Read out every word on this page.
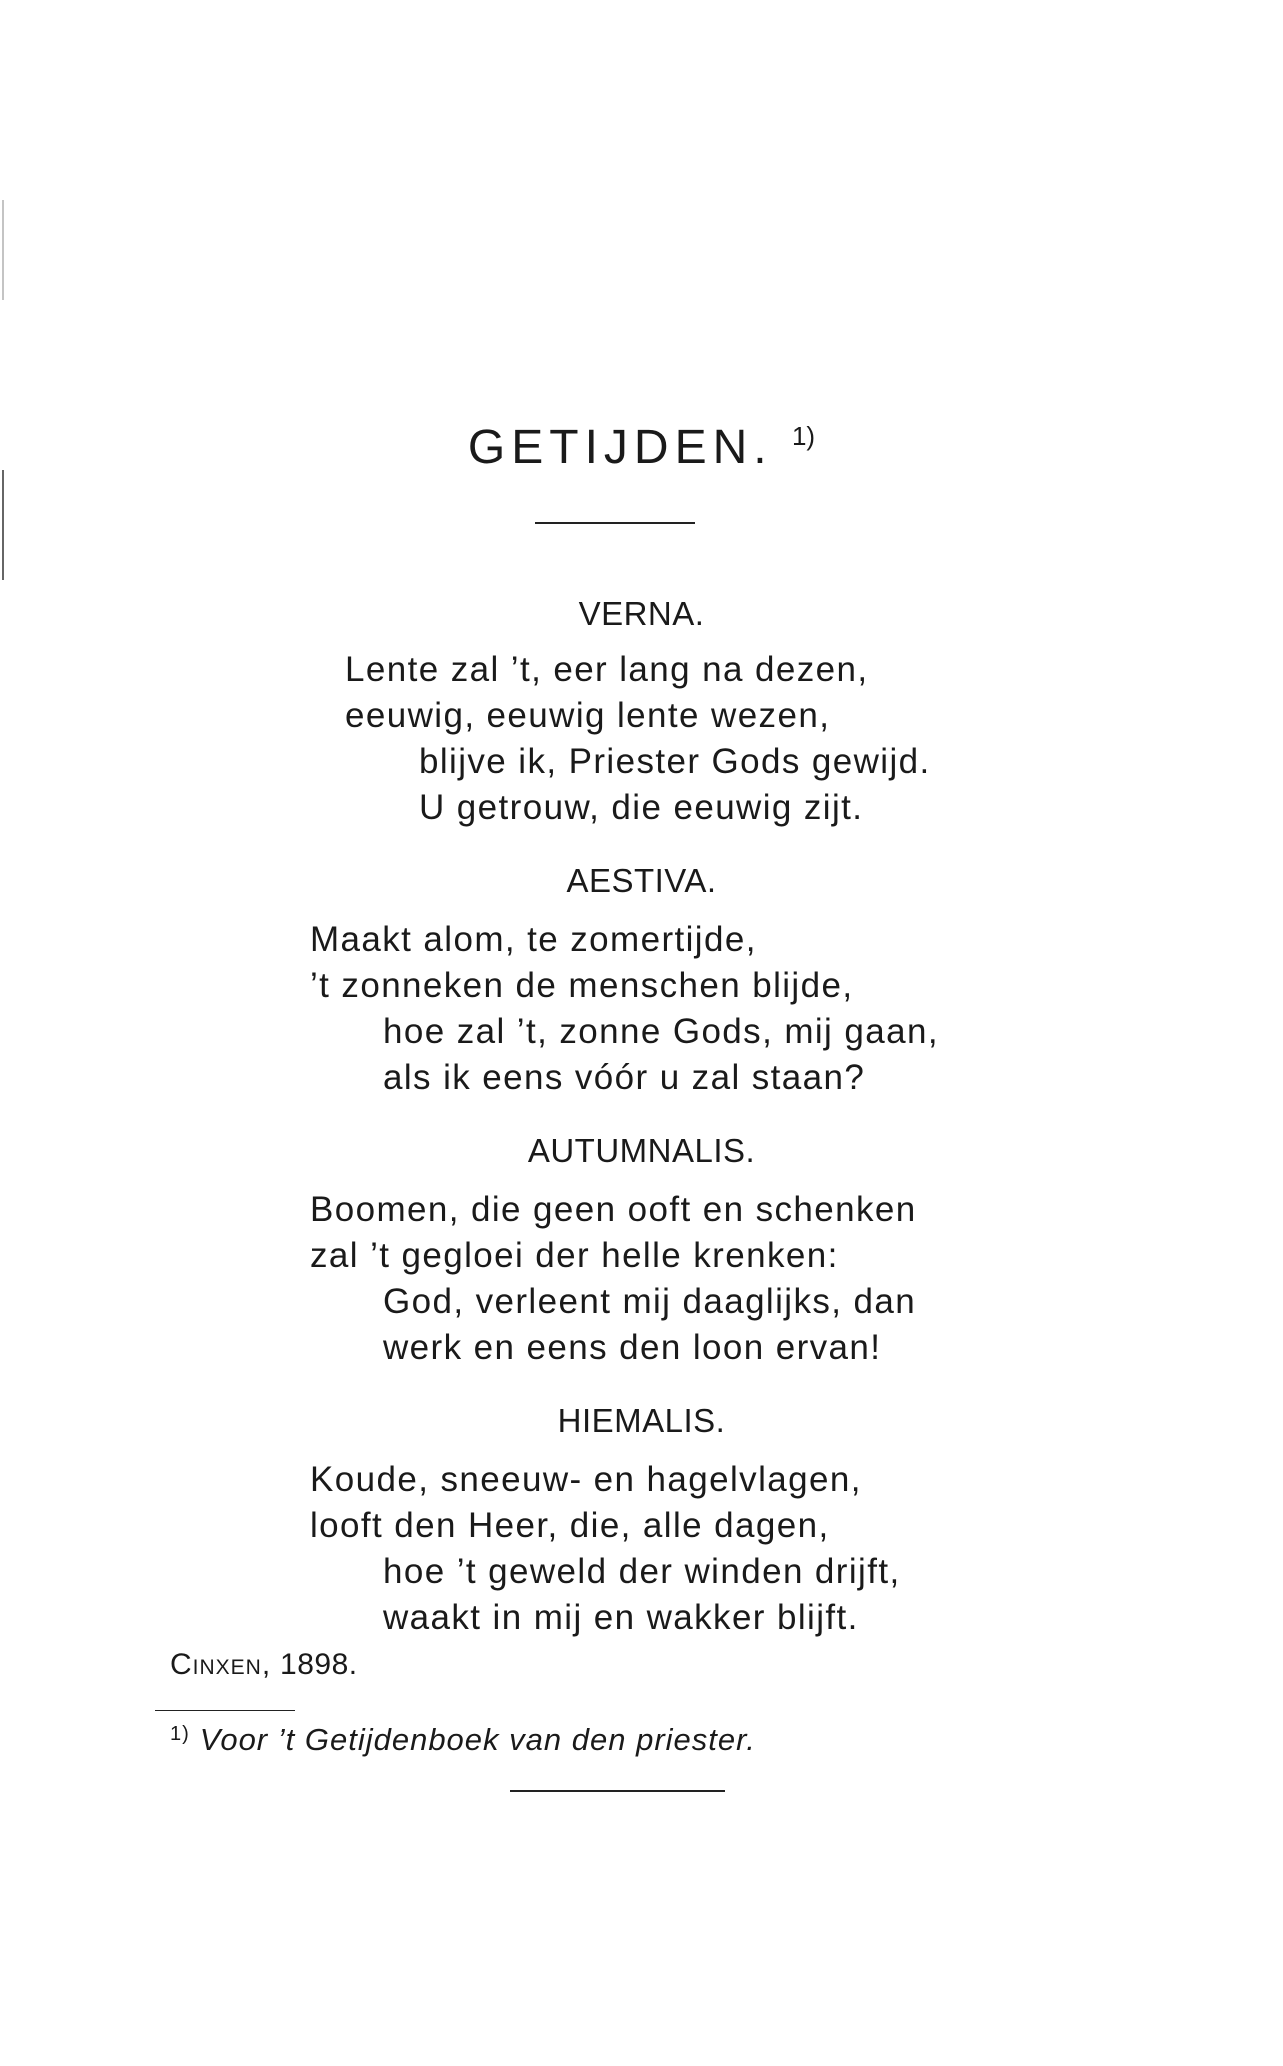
GETIJDEN. $^{1)}$
VERNA.
Lente zal ’t, eer lang na dezen,
eeuwig, eeuwig lente wezen,
blijve ik, Priester Gods gewijd.
U getrouw, die eeuwig zijt.
AESTIVA.
Maakt alom, te zomertijde,
’t zonneken de menschen blijde,
hoe zal ’t, zonne Gods, mij gaan,
als ik eens vóór u zal staan?
AUTUMNALIS.
Boomen, die geen ooft en schenken
zal ’t gegloei der helle krenken:
God, verleent mij daaglijks, dan
werk en eens den loon ervan!
HIEMALIS.
Koude, sneeuw- en hagelvlagen,
looft den Heer, die, alle dagen,
hoe ’t geweld der winden drijft,
waakt in mij en wakker blijft.
Cinxen, 1898.
$^{1)}$ Voor ’t Getijdenboek van den priester.
